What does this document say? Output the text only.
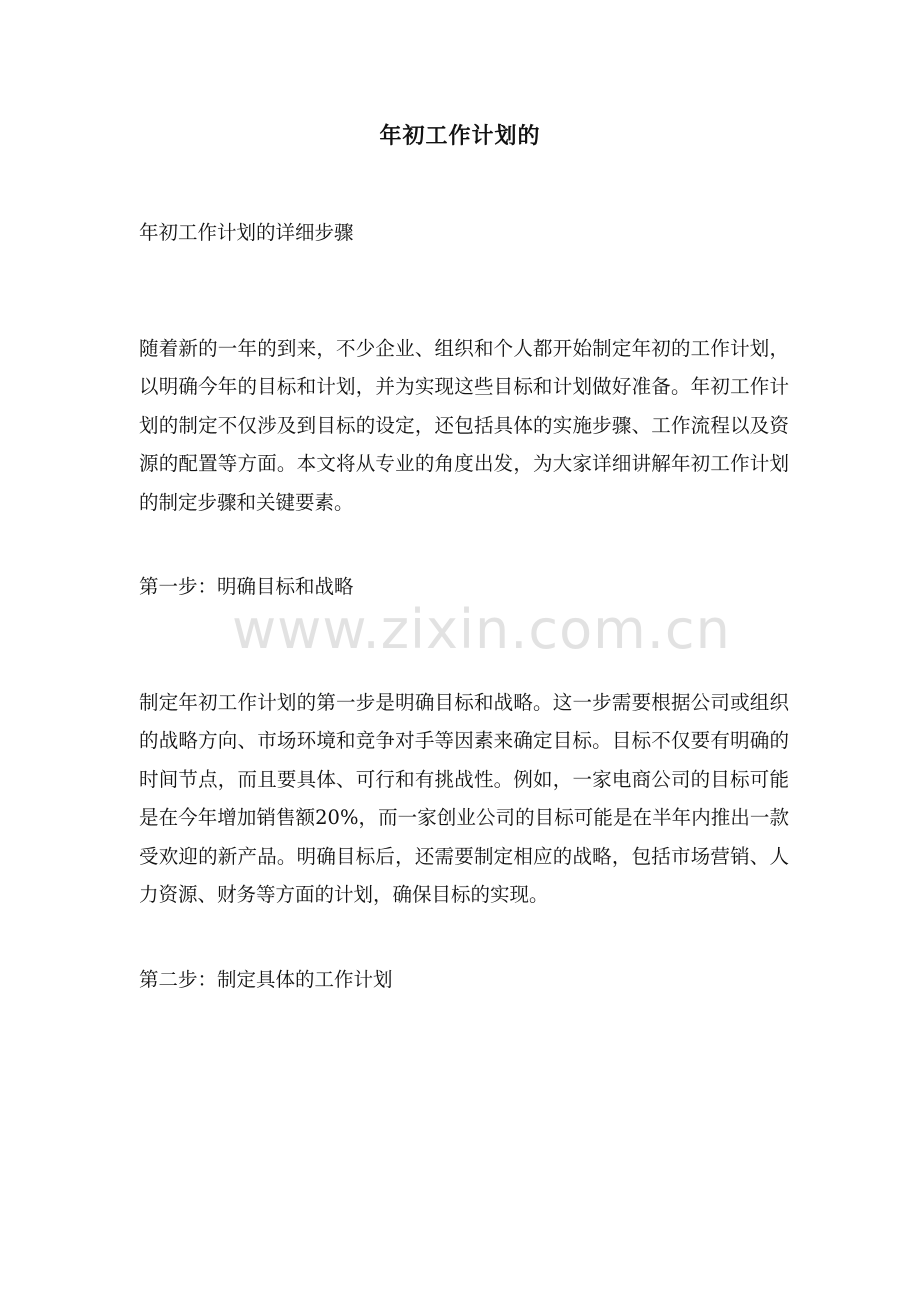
年初工作计划的

年初工作计划的详细步骤

随着新的一年的到来，不少企业、组织和个人都开始制定年初的工作计划，以明确今年的目标和计划，并为实现这些目标和计划做好准备。年初工作计划的制定不仅涉及到目标的设定，还包括具体的实施步骤、工作流程以及资源的配置等方面。本文将从专业的角度出发，为大家详细讲解年初工作计划的制定步骤和关键要素。

第一步：明确目标和战略

制定年初工作计划的第一步是明确目标和战略。这一步需要根据公司或组织的战略方向、市场环境和竞争对手等因素来确定目标。目标不仅要有明确的时间节点，而且要具体、可行和有挑战性。例如，一家电商公司的目标可能是在今年增加销售额20%，而一家创业公司的目标可能是在半年内推出一款受欢迎的新产品。明确目标后，还需要制定相应的战略，包括市场营销、人力资源、财务等方面的计划，确保目标的实现。

第二步：制定具体的工作计划

www.zixin.com.cn
